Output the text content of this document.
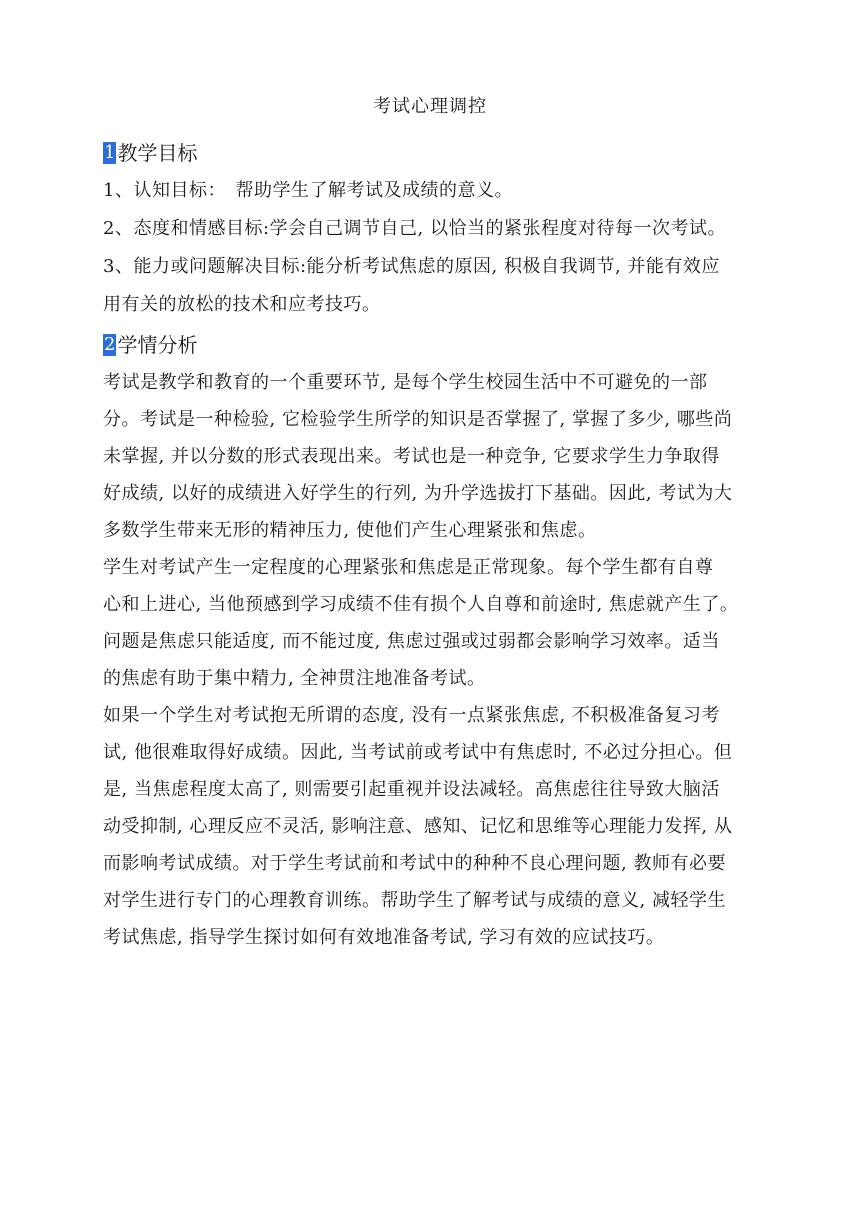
考试心理调控
1 教学目标
1、认知目标：　帮助学生了解考试及成绩的意义。
2、态度和情感目标:学会自己调节自己, 以恰当的紧张程度对待每一次考试。
3、能力或问题解决目标:能分析考试焦虑的原因, 积极自我调节, 并能有效应
用有关的放松的技术和应考技巧。
2 学情分析
考试是教学和教育的一个重要环节, 是每个学生校园生活中不可避免的一部
分。考试是一种检验, 它检验学生所学的知识是否掌握了, 掌握了多少, 哪些尚
未掌握, 并以分数的形式表现出来。考试也是一种竞争, 它要求学生力争取得
好成绩, 以好的成绩进入好学生的行列, 为升学选拔打下基础。因此, 考试为大
多数学生带来无形的精神压力, 使他们产生心理紧张和焦虑。
学生对考试产生一定程度的心理紧张和焦虑是正常现象。每个学生都有自尊
心和上进心, 当他预感到学习成绩不佳有损个人自尊和前途时, 焦虑就产生了。
问题是焦虑只能适度, 而不能过度, 焦虑过强或过弱都会影响学习效率。适当
的焦虑有助于集中精力, 全神贯注地准备考试。
如果一个学生对考试抱无所谓的态度, 没有一点紧张焦虑, 不积极准备复习考
试, 他很难取得好成绩。因此, 当考试前或考试中有焦虑时, 不必过分担心。但
是, 当焦虑程度太高了, 则需要引起重视并设法减轻。高焦虑往往导致大脑活
动受抑制, 心理反应不灵活, 影响注意、感知、记忆和思维等心理能力发挥, 从
而影响考试成绩。对于学生考试前和考试中的种种不良心理问题, 教师有必要
对学生进行专门的心理教育训练。帮助学生了解考试与成绩的意义, 减轻学生
考试焦虑, 指导学生探讨如何有效地准备考试, 学习有效的应试技巧。
